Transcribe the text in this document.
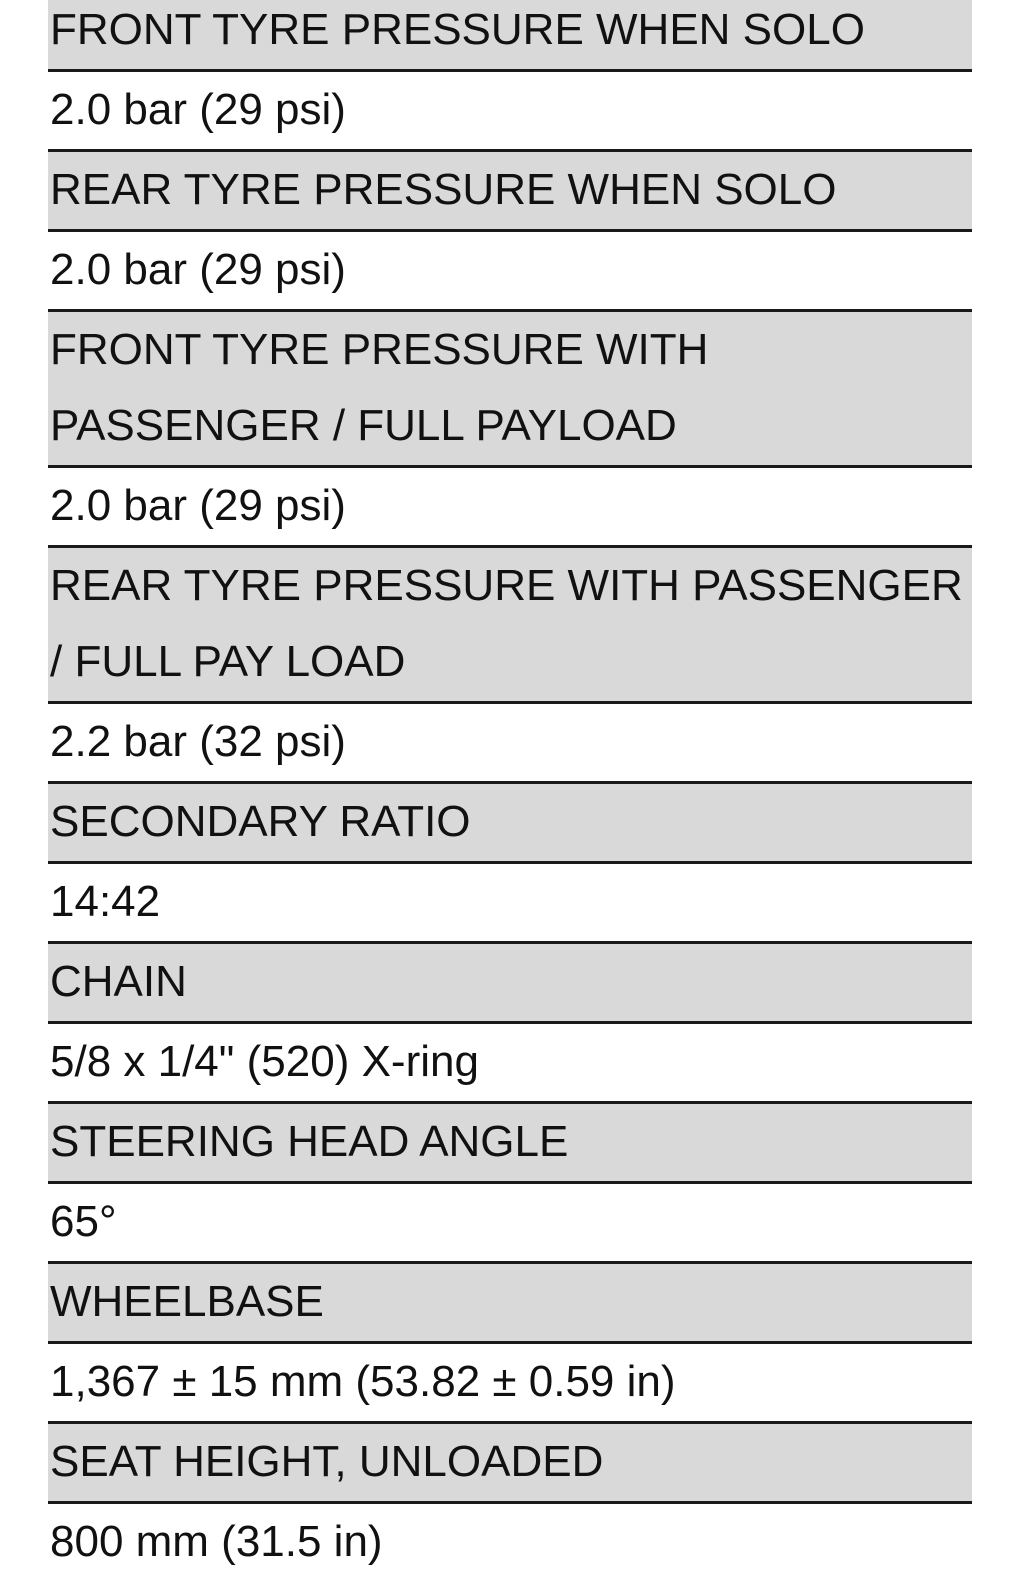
FRONT TYRE PRESSURE WHEN SOLO
2.0 bar (29 psi)
REAR TYRE PRESSURE WHEN SOLO
2.0 bar (29 psi)
FRONT TYRE PRESSURE WITH PASSENGER / FULL PAYLOAD
2.0 bar (29 psi)
REAR TYRE PRESSURE WITH PASSENGER / FULL PAY LOAD
2.2 bar (32 psi)
SECONDARY RATIO
14:42
CHAIN
5/8 x 1/4" (520) X-ring
STEERING HEAD ANGLE
65°
WHEELBASE
1,367 ± 15 mm (53.82 ± 0.59 in)
SEAT HEIGHT, UNLOADED
800 mm (31.5 in)
